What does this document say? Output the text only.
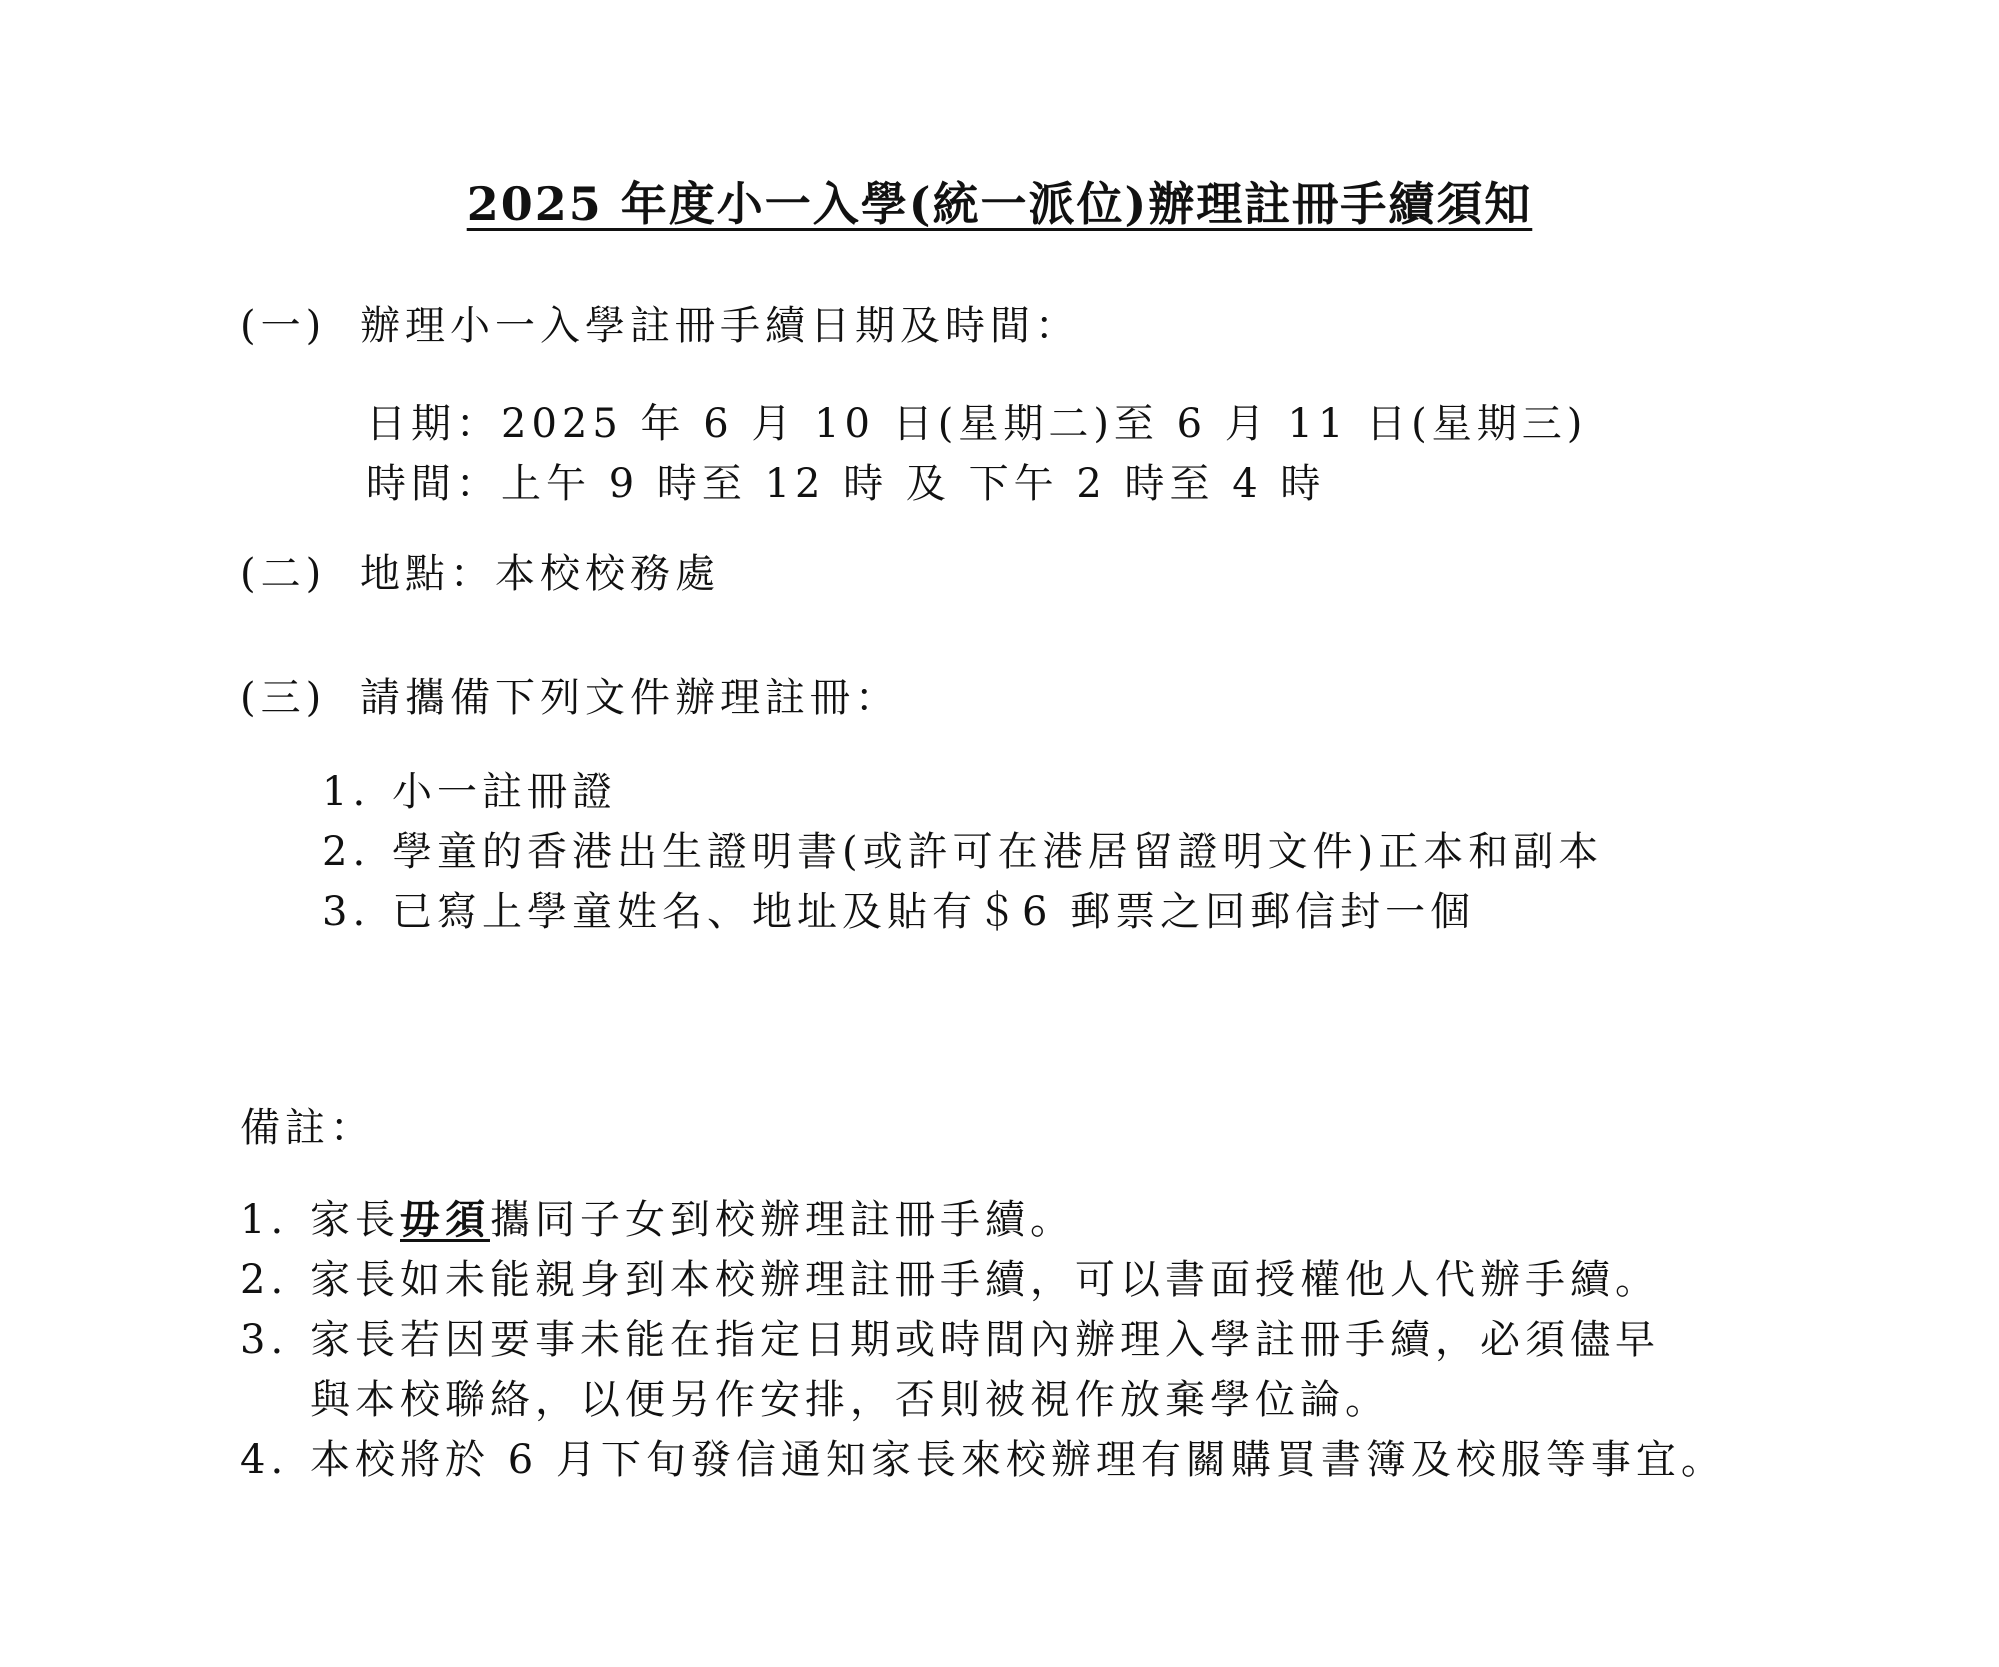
2025 年度小一入學(統一派位)辦理註冊手續須知
(一) 辦理小一入學註冊手續日期及時間：
日期：2025 年 6 月 10 日(星期二)至 6 月 11 日(星期三)
時間：上午 9 時至 12 時 及 下午 2 時至 4 時
(二) 地點：本校校務處
(三) 請攜備下列文件辦理註冊：
1. 小一註冊證
2. 學童的香港出生證明書(或許可在港居留證明文件)正本和副本
3. 已寫上學童姓名、地址及貼有＄6 郵票之回郵信封一個
備註：
1. 家長毋須攜同子女到校辦理註冊手續。
2. 家長如未能親身到本校辦理註冊手續，可以書面授權他人代辦手續。
3. 家長若因要事未能在指定日期或時間內辦理入學註冊手續，必須儘早
與本校聯絡，以便另作安排，否則被視作放棄學位論。
4. 本校將於 6 月下旬發信通知家長來校辦理有關購買書簿及校服等事宜。
